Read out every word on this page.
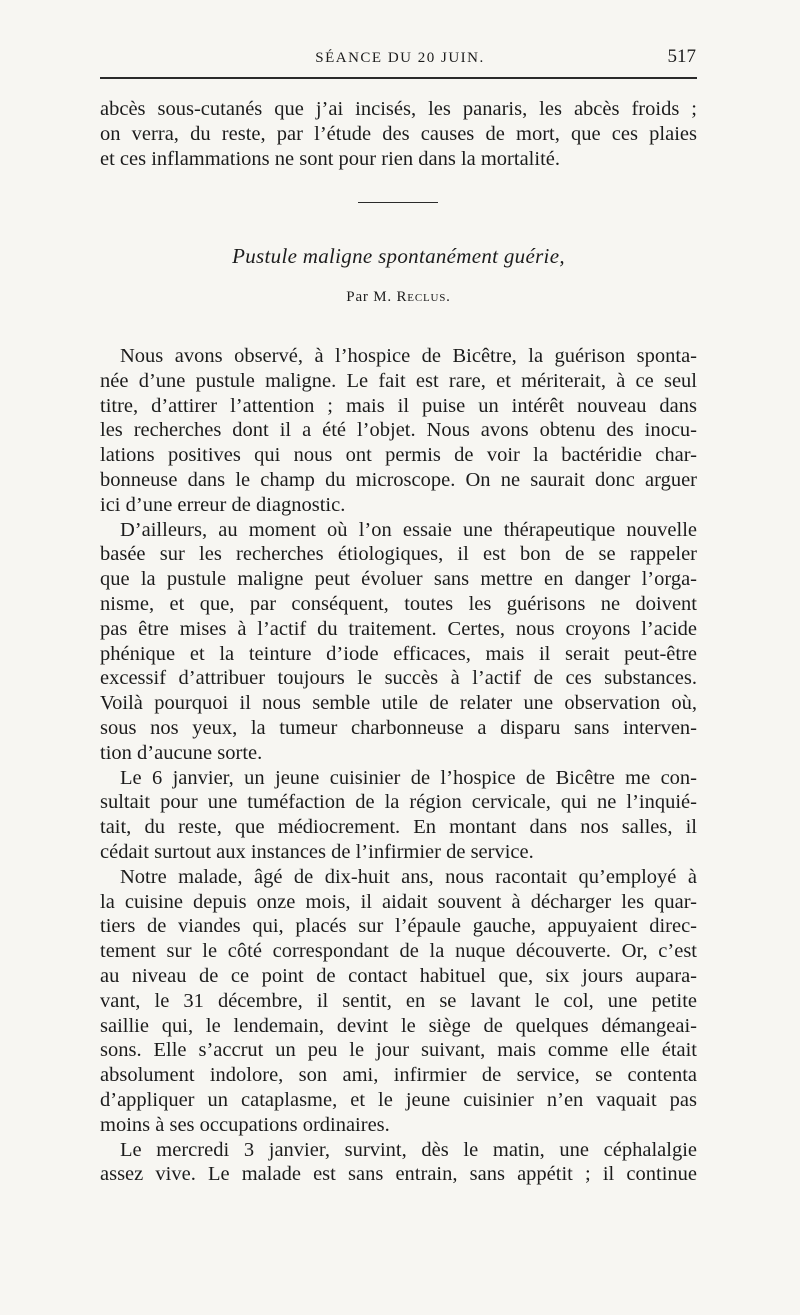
SÉANCE DU 20 JUIN.	517
abcès sous-cutanés que j’ai incisés, les panaris, les abcès froids ;
on verra, du reste, par l’étude des causes de mort, que ces plaies
et ces inflammations ne sont pour rien dans la mortalité.
Pustule maligne spontanément guérie,
Par M. Reclus.
Nous avons observé, à l’hospice de Bicêtre, la guérison sponta-
née d’une pustule maligne. Le fait est rare, et mériterait, à ce seul
titre, d’attirer l’attention ; mais il puise un intérêt nouveau dans
les recherches dont il a été l’objet. Nous avons obtenu des inocu-
lations positives qui nous ont permis de voir la bactéridie char-
bonneuse dans le champ du microscope. On ne saurait donc arguer
ici d’une erreur de diagnostic.
D’ailleurs, au moment où l’on essaie une thérapeutique nouvelle
basée sur les recherches étiologiques, il est bon de se rappeler
que la pustule maligne peut évoluer sans mettre en danger l’orga-
nisme, et que, par conséquent, toutes les guérisons ne doivent
pas être mises à l’actif du traitement. Certes, nous croyons l’acide
phénique et la teinture d’iode efficaces, mais il serait peut-être
excessif d’attribuer toujours le succès à l’actif de ces substances.
Voilà pourquoi il nous semble utile de relater une observation où,
sous nos yeux, la tumeur charbonneuse a disparu sans interven-
tion d’aucune sorte.
Le 6 janvier, un jeune cuisinier de l’hospice de Bicêtre me con-
sultait pour une tuméfaction de la région cervicale, qui ne l’inquié-
tait, du reste, que médiocrement. En montant dans nos salles, il
cédait surtout aux instances de l’infirmier de service.
Notre malade, âgé de dix-huit ans, nous racontait qu’employé à
la cuisine depuis onze mois, il aidait souvent à décharger les quar-
tiers de viandes qui, placés sur l’épaule gauche, appuyaient direc-
tement sur le côté correspondant de la nuque découverte. Or, c’est
au niveau de ce point de contact habituel que, six jours aupara-
vant, le 31 décembre, il sentit, en se lavant le col, une petite
saillie qui, le lendemain, devint le siège de quelques démangeai-
sons. Elle s’accrut un peu le jour suivant, mais comme elle était
absolument indolore, son ami, infirmier de service, se contenta
d’appliquer un cataplasme, et le jeune cuisinier n’en vaquait pas
moins à ses occupations ordinaires.
Le mercredi 3 janvier, survint, dès le matin, une céphalalgie
assez vive. Le malade est sans entrain, sans appétit ; il continue
